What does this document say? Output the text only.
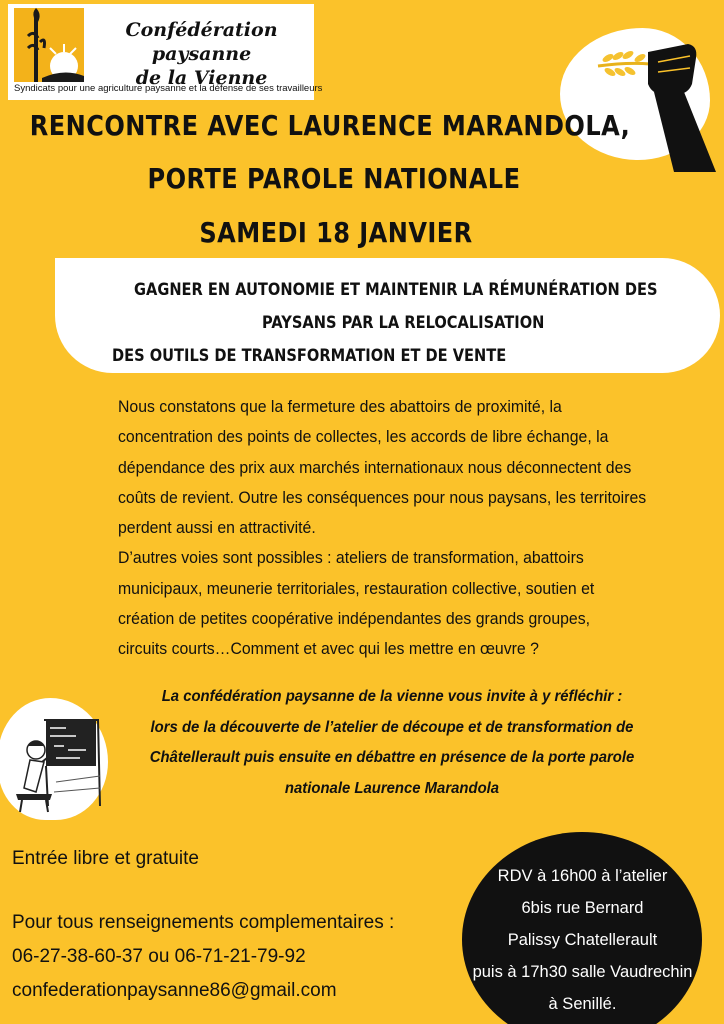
Confédération paysanne
de la Vienne
Syndicats pour une agriculture paysanne et la défense de ses travailleurs
RENCONTRE AVEC LAURENCE MARANDOLA,
PORTE PAROLE NATIONALE
SAMEDI 18 JANVIER
GAGNER EN AUTONOMIE ET MAINTENIR LA RÉMUNÉRATION DES
PAYSANS PAR LA RELOCALISATION
DES OUTILS DE TRANSFORMATION ET DE VENTE

Nous constatons que la fermeture des abattoirs de proximité, la

concentration des points de collectes, les accords de libre échange, la

dépendance des prix aux marchés internationaux nous déconnectent des

coûts de revient. Outre les conséquences pour nous paysans, les territoires

perdent aussi en attractivité.

D’autres voies sont possibles : ateliers de transformation, abattoirs

municipaux, meunerie territoriales, restauration collective, soutien et

création de petites coopérative indépendantes des grands groupes,

circuits courts…Comment et avec qui les mettre en œuvre ?

La confédération paysanne de la vienne vous invite à y réfléchir :

lors de la découverte de l’atelier de découpe et de transformation de

Châtellerault puis ensuite en débattre en présence de la porte parole

nationale Laurence Marandola

Entrée libre et gratuite

Pour tous renseignements complementaires :

06-27-38-60-37 ou 06-71-21-79-92

confederationpaysanne86@gmail.com

RDV à 16h00 à l’atelier

6bis rue Bernard

Palissy Chatellerault

puis à 17h30 salle Vaudrechin

à Senillé.
